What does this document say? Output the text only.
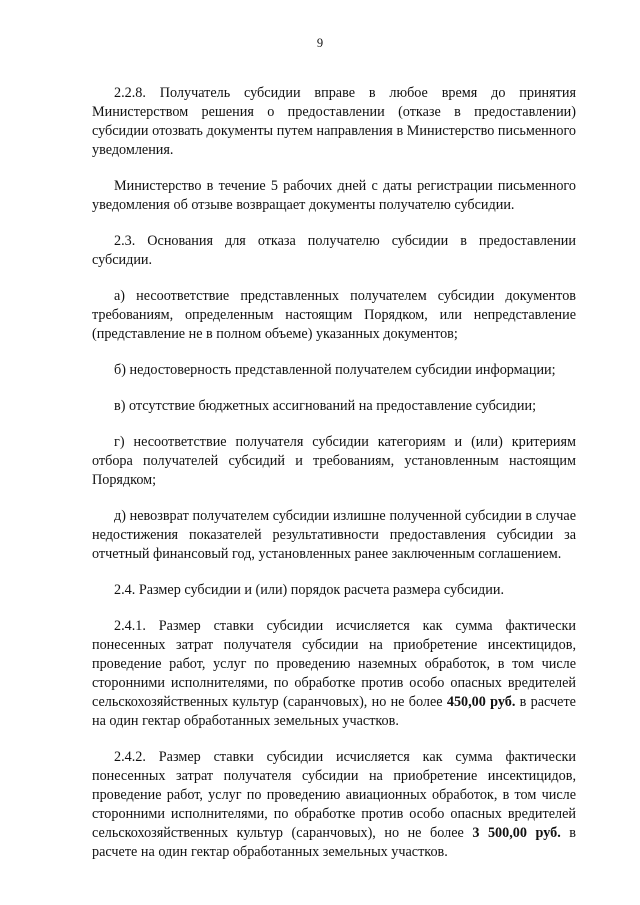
9

2.2.8. Получатель субсидии вправе в любое время до принятия Министерством решения о предоставлении (отказе в предоставлении) субсидии отозвать документы путем направления в Министерство письменного уведомления.

Министерство в течение 5 рабочих дней с даты регистрации письменного уведомления об отзыве возвращает документы получателю субсидии.

2.3. Основания для отказа получателю субсидии в предоставлении субсидии.

а) несоответствие представленных получателем субсидии документов требованиям, определенным настоящим Порядком, или непредставление (представление не в полном объеме) указанных документов;

б) недостоверность представленной получателем субсидии информации;

в) отсутствие бюджетных ассигнований на предоставление субсидии;

г) несоответствие получателя субсидии категориям и (или) критериям отбора получателей субсидий и требованиям, установленным настоящим Порядком;

д) невозврат получателем субсидии излишне полученной субсидии в случае недостижения показателей результативности предоставления субсидии за отчетный финансовый год, установленных ранее заключенным соглашением.

2.4. Размер субсидии и (или) порядок расчета размера субсидии.

2.4.1. Размер ставки субсидии исчисляется как сумма фактически понесенных затрат получателя субсидии на приобретение инсектицидов, проведение работ, услуг по проведению наземных обработок, в том числе сторонними исполнителями, по обработке против особо опасных вредителей сельскохозяйственных культур (саранчовых), но не более 450,00 руб. в расчете на один гектар обработанных земельных участков.

2.4.2. Размер ставки субсидии исчисляется как сумма фактически понесенных затрат получателя субсидии на приобретение инсектицидов, проведение работ, услуг по проведению авиационных обработок, в том числе сторонними исполнителями, по обработке против особо опасных вредителей сельскохозяйственных культур (саранчовых), но не более 3 500,00 руб. в расчете на один гектар обработанных земельных участков.
